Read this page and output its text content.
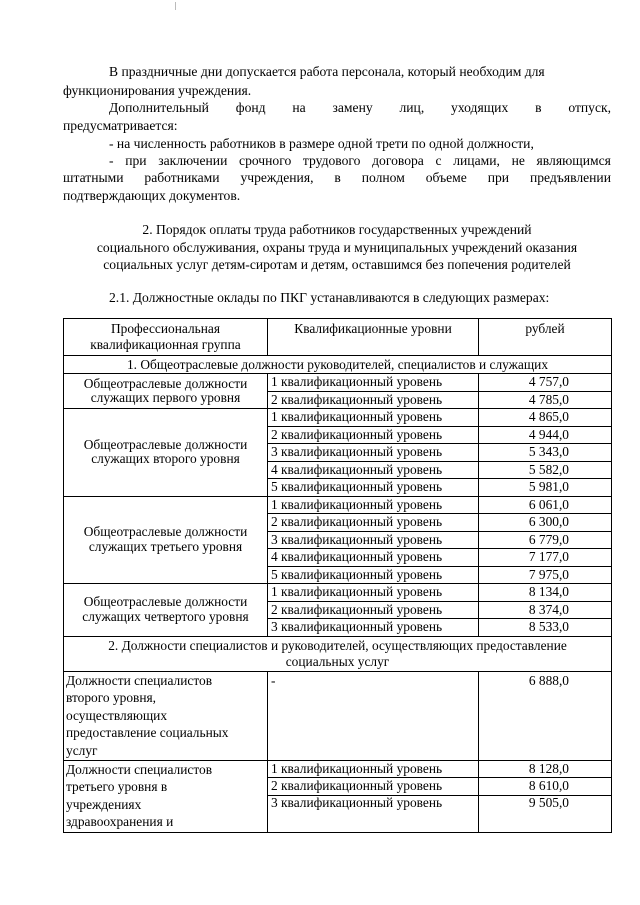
В праздничные дни допускается работа персонала, который необходим для
функционирования учреждения.
Дополнительный фонд на замену лиц, уходящих в отпуск,
предусматривается:
- на численность работников в размере одной трети по одной должности,
- при заключении срочного трудового договора с лицами, не являющимся
штатными работниками учреждения, в полном объеме при предъявлении
подтверждающих документов.
2. Порядок оплаты труда работников государственных учреждений
социального обслуживания, охраны труда и муниципальных учреждений оказания
социальных услуг детям-сиротам и детям, оставшимся без попечения родителей
2.1. Должностные оклады по ПКГ устанавливаются в следующих размерах:
Профессиональная
квалификационная группа	Квалификационные уровни	рублей
1. Общеотраслевые должности руководителей, специалистов и служащих		
Общеотраслевые должности
служащих первого уровня	1 квалификационный уровень	4 757,0
	2 квалификационный уровень	4 785,0
Общеотраслевые должности
служащих второго уровня	1 квалификационный уровень	4 865,0
	2 квалификационный уровень	4 944,0
	3 квалификационный уровень	5 343,0
	4 квалификационный уровень	5 582,0
	5 квалификационный уровень	5 981,0
Общеотраслевые должности
служащих третьего уровня	1 квалификационный уровень	6 061,0
	2 квалификационный уровень	6 300,0
	3 квалификационный уровень	6 779,0
	4 квалификационный уровень	7 177,0
	5 квалификационный уровень	7 975,0
Общеотраслевые должности
служащих четвертого уровня	1 квалификационный уровень	8 134,0
	2 квалификационный уровень	8 374,0
	3 квалификационный уровень	8 533,0
2. Должности специалистов и руководителей, осуществляющих предоставление
социальных услуг		
Должности специалистов
второго уровня,
осуществляющих
предоставление социальных
услуг	-	6 888,0
Должности специалистов
третьего уровня в
учреждениях
здравоохранения и	1 квалификационный уровень	8 128,0
	2 квалификационный уровень	8 610,0
	3 квалификационный уровень	9 505,0
